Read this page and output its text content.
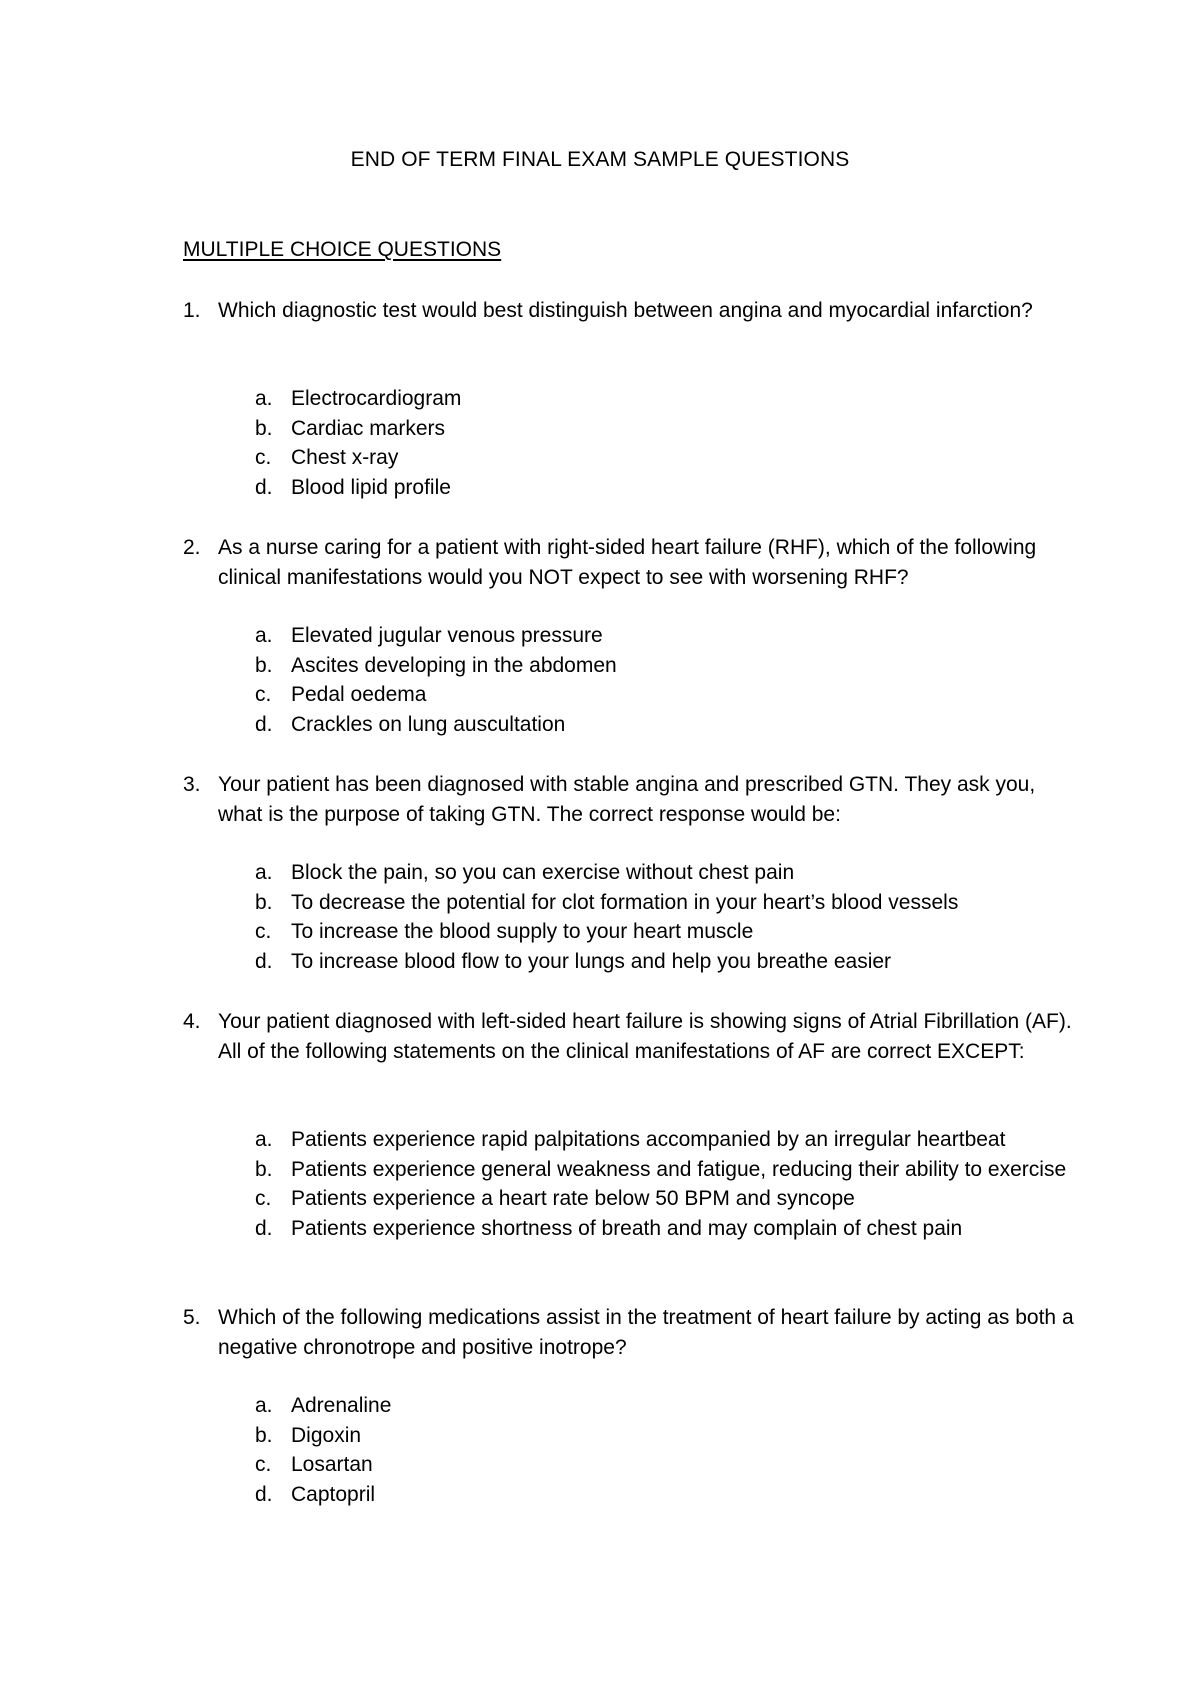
END OF TERM FINAL EXAM SAMPLE QUESTIONS
MULTIPLE CHOICE QUESTIONS
1. Which diagnostic test would best distinguish between angina and myocardial infarction?
a. Electrocardiogram
b. Cardiac markers
c. Chest x-ray
d. Blood lipid profile
2. As a nurse caring for a patient with right-sided heart failure (RHF), which of the following clinical manifestations would you NOT expect to see with worsening RHF?
a. Elevated jugular venous pressure
b. Ascites developing in the abdomen
c. Pedal oedema
d. Crackles on lung auscultation
3. Your patient has been diagnosed with stable angina and prescribed GTN. They ask you, what is the purpose of taking GTN. The correct response would be:
a. Block the pain, so you can exercise without chest pain
b. To decrease the potential for clot formation in your heart’s blood vessels
c. To increase the blood supply to your heart muscle
d. To increase blood flow to your lungs and help you breathe easier
4. Your patient diagnosed with left-sided heart failure is showing signs of Atrial Fibrillation (AF). All of the following statements on the clinical manifestations of AF are correct EXCEPT:
a. Patients experience rapid palpitations accompanied by an irregular heartbeat
b. Patients experience general weakness and fatigue, reducing their ability to exercise
c. Patients experience a heart rate below 50 BPM and syncope
d. Patients experience shortness of breath and may complain of chest pain
5. Which of the following medications assist in the treatment of heart failure by acting as both a negative chronotrope and positive inotrope?
a. Adrenaline
b. Digoxin
c. Losartan
d. Captopril
